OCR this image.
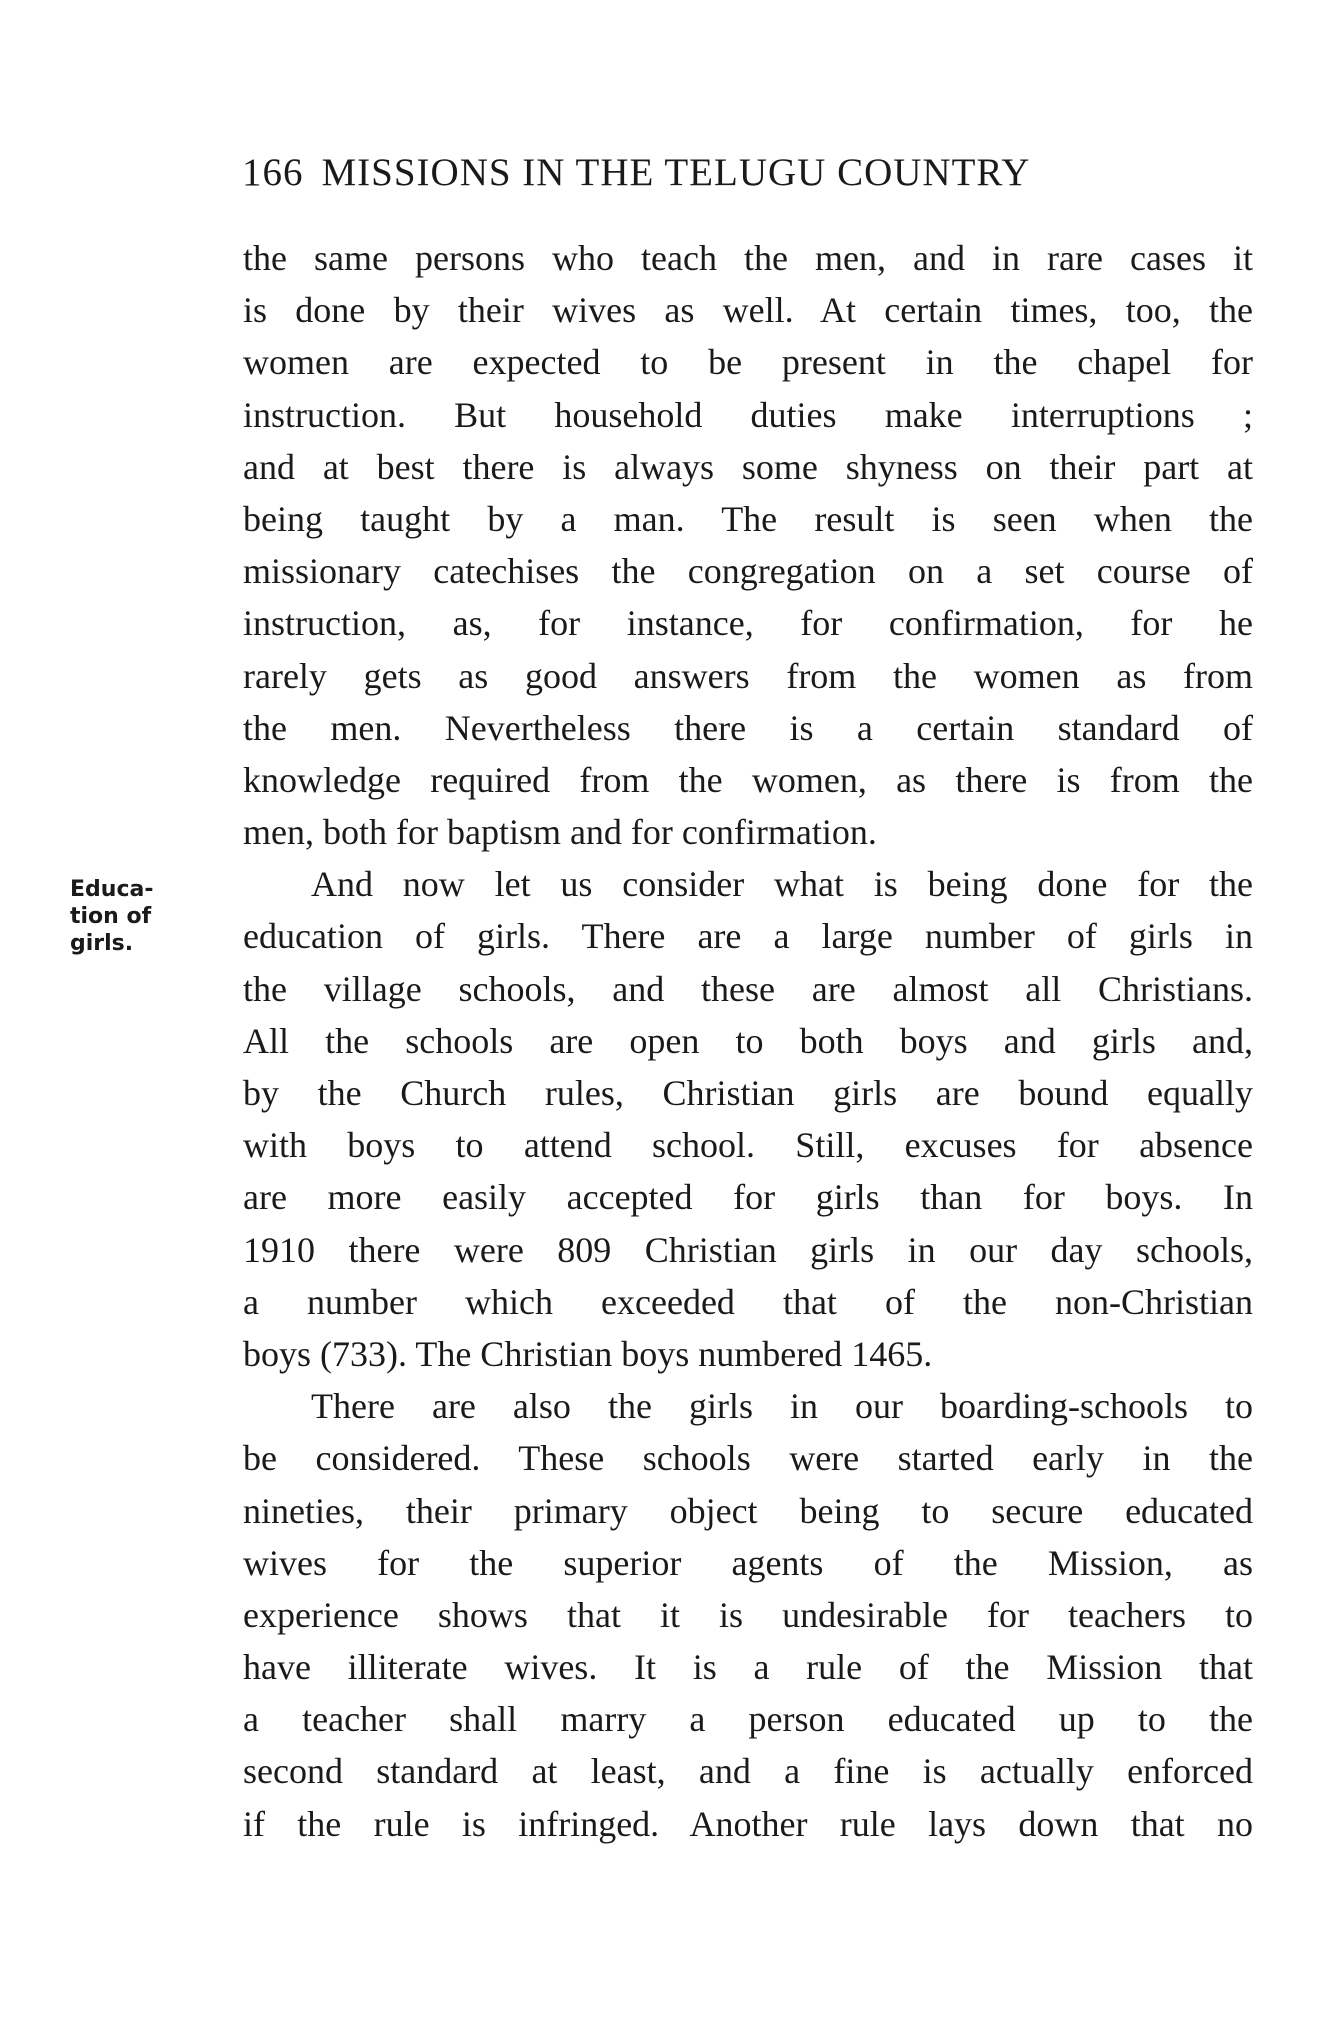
166 MISSIONS IN THE TELUGU COUNTRY
Educa-
tion of
girls.
the same persons who teach the men, and in rare cases it
is done by their wives as well. At certain times, too, the
women are expected to be present in the chapel for
instruction. But household duties make interruptions ;
and at best there is always some shyness on their part at
being taught by a man. The result is seen when the
missionary catechises the congregation on a set course of
instruction, as, for instance, for confirmation, for he
rarely gets as good answers from the women as from
the men. Nevertheless there is a certain standard of
knowledge required from the women, as there is from the
men, both for baptism and for confirmation.
And now let us consider what is being done for the
education of girls. There are a large number of girls in
the village schools, and these are almost all Christians.
All the schools are open to both boys and girls and,
by the Church rules, Christian girls are bound equally
with boys to attend school. Still, excuses for absence
are more easily accepted for girls than for boys. In
1910 there were 809 Christian girls in our day schools,
a number which exceeded that of the non-Christian
boys (733). The Christian boys numbered 1465.
There are also the girls in our boarding-schools to
be considered. These schools were started early in the
nineties, their primary object being to secure educated
wives for the superior agents of the Mission, as
experience shows that it is undesirable for teachers to
have illiterate wives. It is a rule of the Mission that
a teacher shall marry a person educated up to the
second standard at least, and a fine is actually enforced
if the rule is infringed. Another rule lays down that no
